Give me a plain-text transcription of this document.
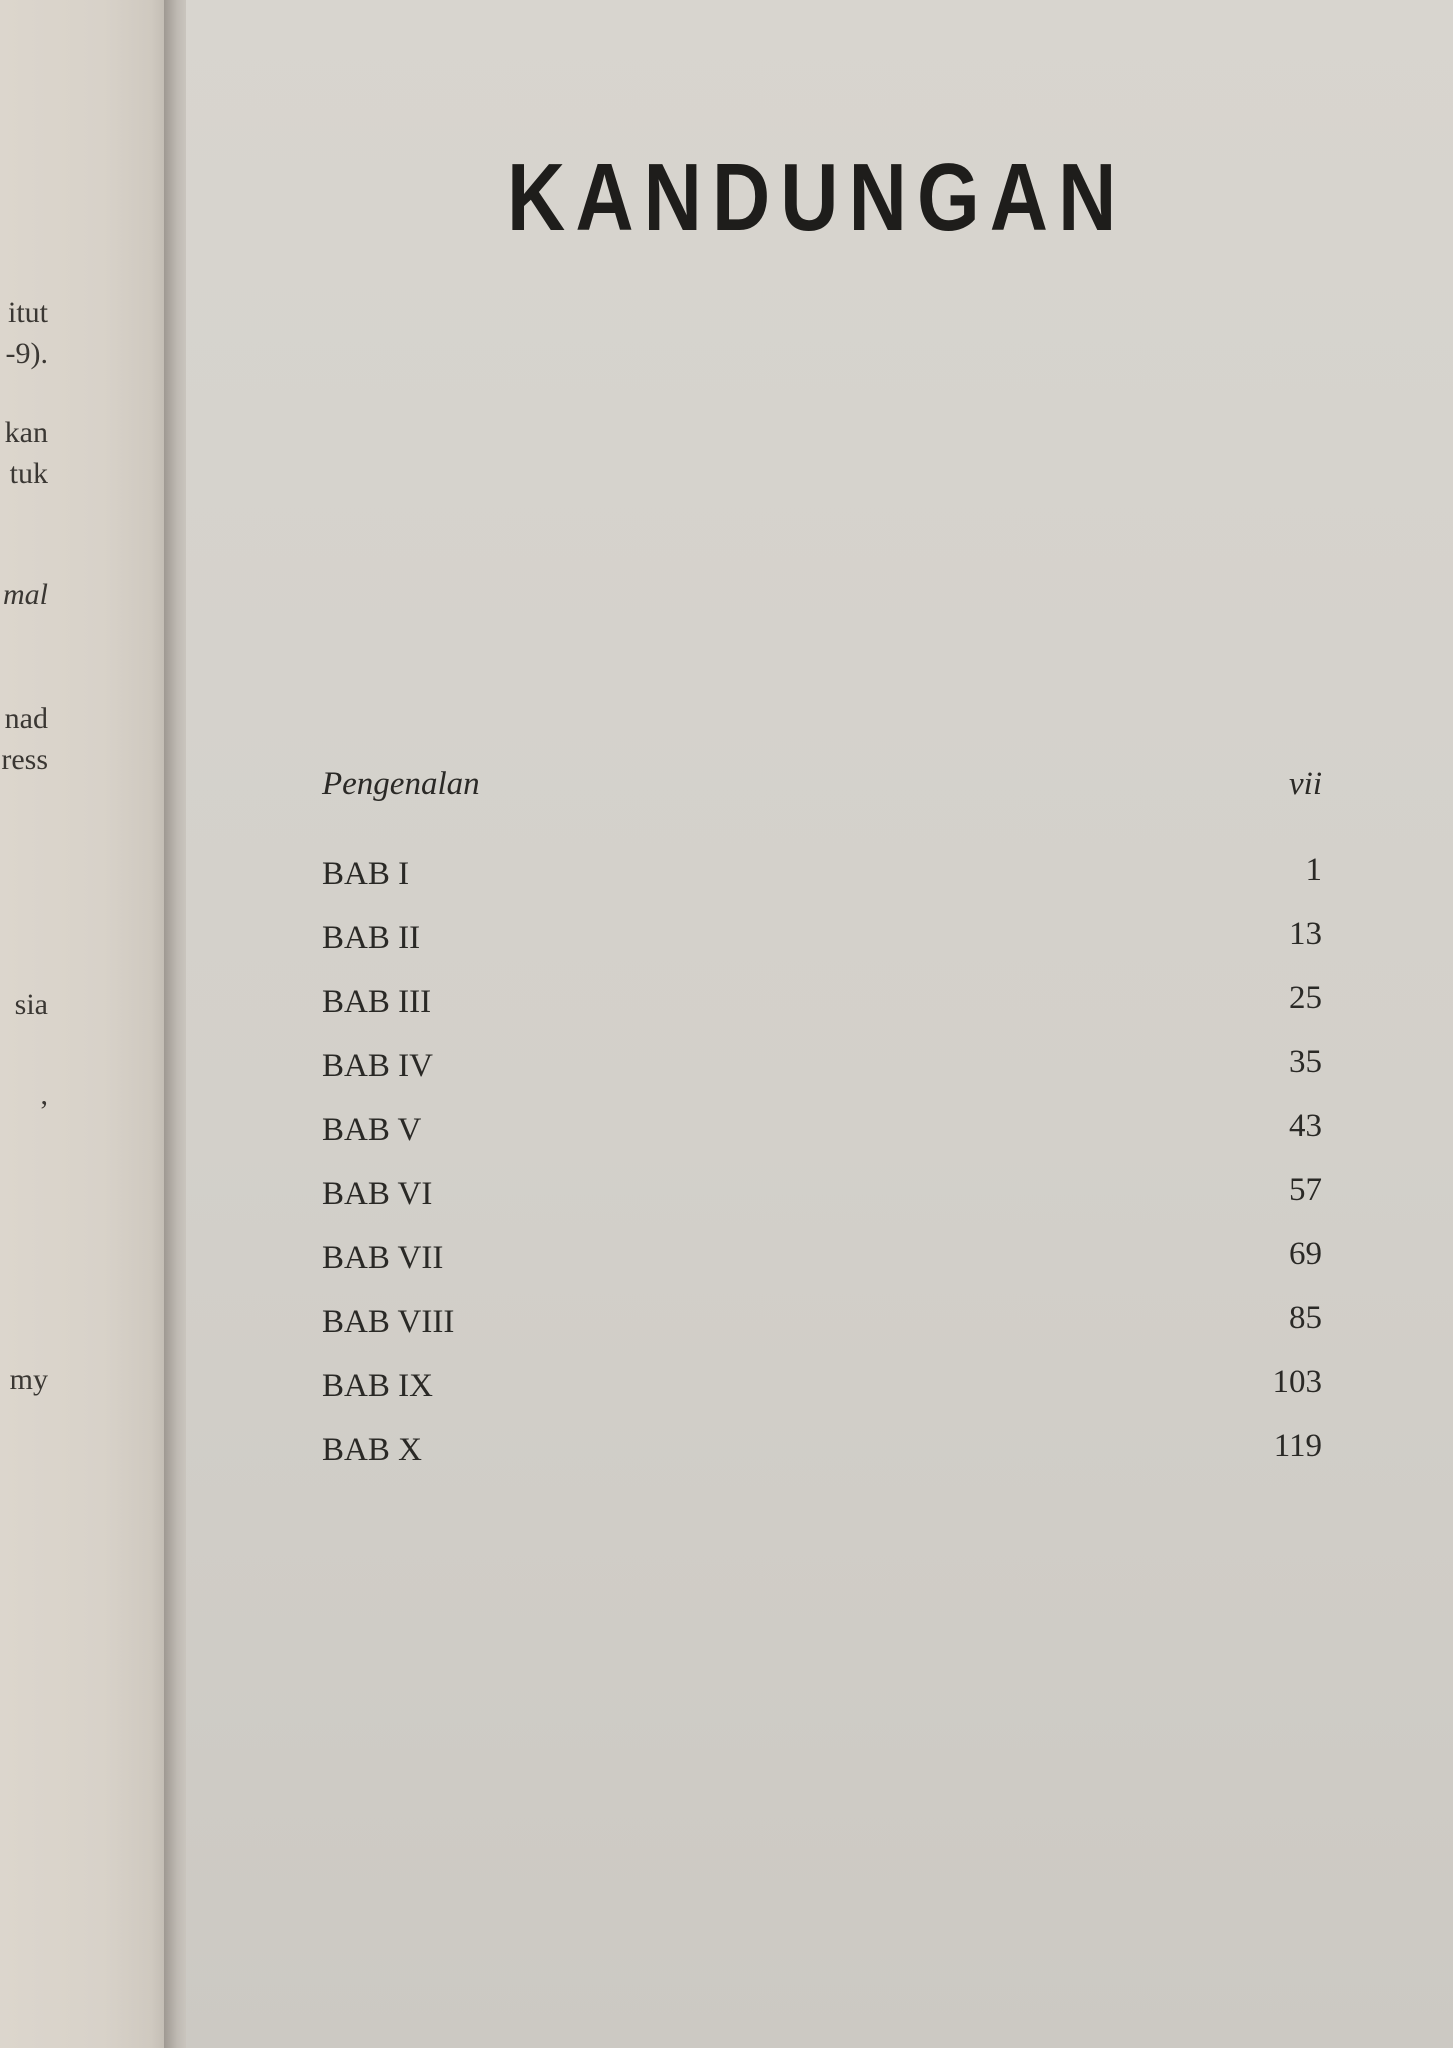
itut
-9).
kan
tuk
mal
nad
ress
sia
,
my
KANDUNGAN
Pengenalan	vii
BAB I	1
BAB II	13
BAB III	25
BAB IV	35
BAB V	43
BAB VI	57
BAB VII	69
BAB VIII	85
BAB IX	103
BAB X	119
